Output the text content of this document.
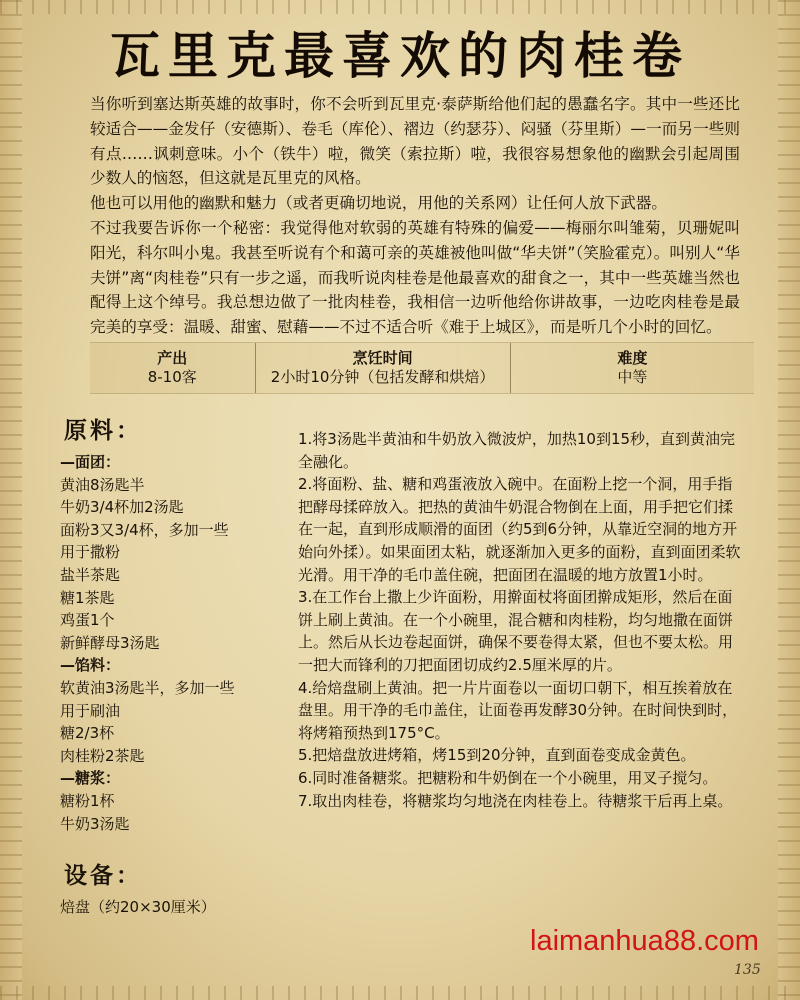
瓦里克最喜欢的肉桂卷

当你听到塞达斯英雄的故事时，你不会听到瓦里克·泰萨斯给他们起的愚蠢名字。其中一些还比较适合——金发仔（安德斯）、卷毛（库伦）、褶边（约瑟芬）、闷骚（芬里斯）—一而另一些则有点……讽刺意味。小个（铁牛）啦，微笑（索拉斯）啦，我很容易想象他的幽默会引起周围少数人的恼怒，但这就是瓦里克的风格。

他也可以用他的幽默和魅力（或者更确切地说，用他的关系网）让任何人放下武器。

不过我要告诉你一个秘密：我觉得他对软弱的英雄有特殊的偏爱——梅丽尔叫雏菊，贝珊妮叫阳光，科尔叫小鬼。我甚至听说有个和蔼可亲的英雄被他叫做“华夫饼”（笑脸霍克）。叫别人“华夫饼”离“肉桂卷”只有一步之遥，而我听说肉桂卷是他最喜欢的甜食之一，其中一些英雄当然也配得上这个绰号。我总想边做了一批肉桂卷，我相信一边听他给你讲故事，一边吃肉桂卷是最完美的享受：温暖、甜蜜、慰藉——不过不适合听《难于上城区》，而是听几个小时的回忆。

产出
8-10客
烹饪时间
2小时10分钟（包括发酵和烘焙）
难度
中等
原料：
—面团：
黄油8汤匙半
牛奶3/4杯加2汤匙
面粉3又3/4杯，多加一些
用于撒粉
盐半茶匙
糖1茶匙
鸡蛋1个
新鲜酵母3汤匙
—馅料：
软黄油3汤匙半，多加一些
用于刷油
糖2/3杯
肉桂粉2茶匙
—糖浆：
糖粉1杯
牛奶3汤匙
设备：
焙盘（约20×30厘米）
1.将3汤匙半黄油和牛奶放入微波炉，加热10到15秒，直到黄油完全融化。
2.将面粉、盐、糖和鸡蛋液放入碗中。在面粉上挖一个洞，用手指把酵母揉碎放入。把热的黄油牛奶混合物倒在上面，用手把它们揉在一起，直到形成顺滑的面团（约5到6分钟，从靠近空洞的地方开始向外揉）。如果面团太粘，就逐渐加入更多的面粉，直到面团柔软光滑。用干净的毛巾盖住碗，把面团在温暖的地方放置1小时。
3.在工作台上撒上少许面粉，用擀面杖将面团擀成矩形，然后在面饼上刷上黄油。在一个小碗里，混合糖和肉桂粉，均匀地撒在面饼上。然后从长边卷起面饼，确保不要卷得太紧，但也不要太松。用一把大而锋利的刀把面团切成约2.5厘米厚的片。
4.给焙盘刷上黄油。把一片片面卷以一面切口朝下，相互挨着放在盘里。用干净的毛巾盖住，让面卷再发酵30分钟。在时间快到时，将烤箱预热到175°C。
5.把焙盘放进烤箱，烤15到20分钟，直到面卷变成金黄色。
6.同时准备糖浆。把糖粉和牛奶倒在一个小碗里，用叉子搅匀。
7.取出肉桂卷，将糖浆均匀地浇在肉桂卷上。待糖浆干后再上桌。
laimanhua88.com
135
